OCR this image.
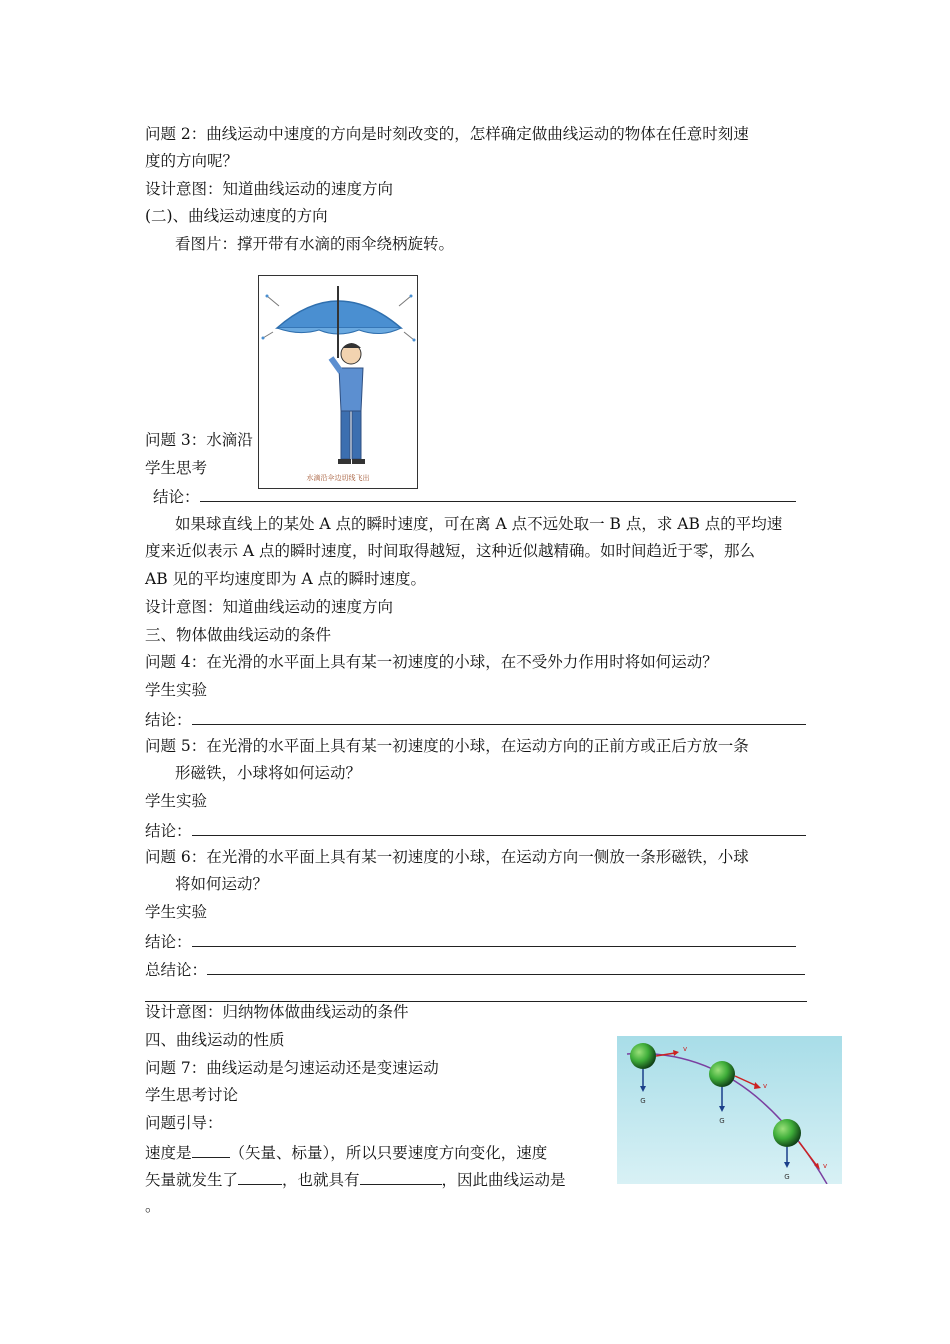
问题 2：曲线运动中速度的方向是时刻改变的，怎样确定做曲线运动的物体在任意时刻速
度的方向呢？
设计意图：知道曲线运动的速度方向
(二)、曲线运动速度的方向
看图片：撑开带有水滴的雨伞绕柄旋转。
水滴沿伞边切线飞出
问题 3：水滴沿
学生思考
结论：
如果球直线上的某处 A 点的瞬时速度，可在离 A 点不远处取一 B 点，求 AB 点的平均速
度来近似表示 A 点的瞬时速度，时间取得越短，这种近似越精确。如时间趋近于零，那么
AB 见的平均速度即为 A 点的瞬时速度。
设计意图：知道曲线运动的速度方向
三、物体做曲线运动的条件
问题 4：在光滑的水平面上具有某一初速度的小球，在不受外力作用时将如何运动？
学生实验
结论：
问题 5：在光滑的水平面上具有某一初速度的小球，在运动方向的正前方或正后方放一条
形磁铁，小球将如何运动？
学生实验
结论：
问题 6：在光滑的水平面上具有某一初速度的小球，在运动方向一侧放一条形磁铁，小球
将如何运动？
学生实验
结论：
总结论：
设计意图：归纳物体做曲线运动的条件
四、曲线运动的性质
问题 7：曲线运动是匀速运动还是变速运动
学生思考讨论
问题引导：
速度是 （矢量、标量），所以只要速度方向变化，速度
矢量就发生了	，也就具有	，因此曲线运动是
。
G
v
G
v
G
v
